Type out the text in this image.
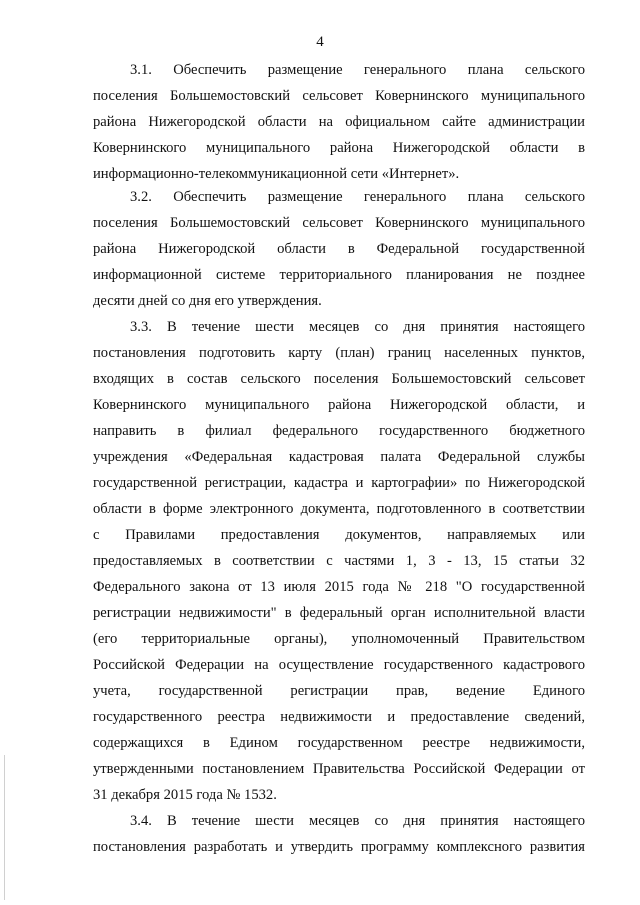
4
3.1. Обеспечить размещение генерального плана сельского
поселения Большемостовский сельсовет Ковернинского муниципального
района Нижегородской области на официальном сайте администрации
Ковернинского муниципального района Нижегородской области в
информационно-телекоммуникационной сети «Интернет».
3.2. Обеспечить размещение генерального плана сельского
поселения Большемостовский сельсовет Ковернинского муниципального
района Нижегородской области в Федеральной государственной
информационной системе территориального планирования не позднее
десяти дней со дня его утверждения.
3.3. В течение шести месяцев со дня принятия настоящего
постановления подготовить карту (план) границ населенных пунктов,
входящих в состав сельского поселения Большемостовский сельсовет
Ковернинского муниципального района Нижегородской области, и
направить в филиал федерального государственного бюджетного
учреждения «Федеральная кадастровая палата Федеральной службы
государственной регистрации, кадастра и картографии» по Нижегородской
области в форме электронного документа, подготовленного в соответствии
с Правилами предоставления документов, направляемых или
предоставляемых в соответствии с частями 1, 3 - 13, 15 статьи 32
Федерального закона от 13 июля 2015 года № 218 "О государственной
регистрации недвижимости" в федеральный орган исполнительной власти
(его территориальные органы), уполномоченный Правительством
Российской Федерации на осуществление государственного кадастрового
учета, государственной регистрации прав, ведение Единого
государственного реестра недвижимости и предоставление сведений,
содержащихся в Едином государственном реестре недвижимости,
утвержденными постановлением Правительства Российской Федерации от
31 декабря 2015 года № 1532.
3.4. В течение шести месяцев со дня принятия настоящего
постановления разработать и утвердить программу комплексного развития
